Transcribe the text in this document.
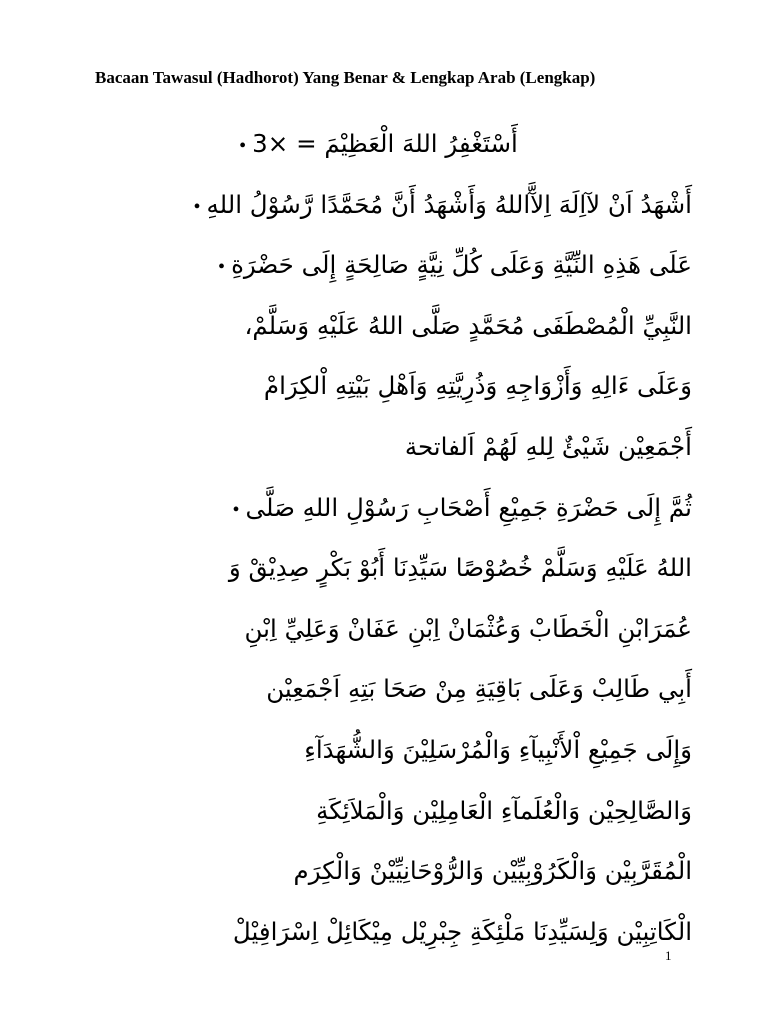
Bacaan Tawasul (Hadhorot) Yang Benar & Lengkap Arab (Lengkap)
أَسْتَغْفِرُ اللهَ الْعَظِيْمَ = ×3•
أَشْهَدُ اَنْ لآاِلَهَ اِلآَّاللهُ وَأَشْهَدُ أَنَّ مُحَمَّدًا رَّسُوْلُ اللهِ•
عَلَى هَذِهِ النِّيَّةِ وَعَلَى كُلِّ نِيَّةٍ صَالِحَةٍ إِلَى حَضْرَةِ•
النَّبِيِّ الْمُصْطَفَى مُحَمَّدٍ صَلَّى اللهُ عَلَيْهِ وَسَلَّمْ،
وَعَلَى ءَالِهِ وَأَزْوَاجِهِ وَذُرِيَّتِهِ وَاَهْلِ بَيْتِهِ اْلكِرَامْ
أَجْمَعِيْن شَيْئٌ لِلهِ لَهُمْ اَلفاتحة
ثُمَّ إِلَى حَضْرَةِ جَمِيْعِ أَصْحَابِ رَسُوْلِ اللهِ صَلَّى•
اللهُ عَلَيْهِ وَسَلَّمْ خُصُوْصًا سَيِّدِنَا أَبُوْ بَكْرٍ صِدِيْقْ وَ
عُمَرَابْنِ الْخَطَابْ وَعُثْمَانْ اِبْنِ عَفَانْ وَعَلِيِّ اِبْنِ
أَبِي طَالِبْ وَعَلَى بَاقِيَةِ مِنْ صَحَا بَتِهِ اَجْمَعِيْن
وَإِلَى جَمِيْعِ اْلأَنْبِيآءِ وَالْمُرْسَلِيْنَ وَالشُّهَدَآءِ
وَالصَّالِحِيْن وَالْعُلَمآءِ الْعَامِلِيْن وَالْمَلاَئِكَةِ
الْمُقَرَّبِيْن وَالْكَرُوْبِيِّيْن وَالرُّوْحَانِيِّيْنْ وَالْكِرَم
الْكَاتِبِيْن وَلِسَيِّدِنَا مَلْئِكَةِ جِبْرِيْل مِيْكَائِلْ اِسْرَافِيْلْ
1
